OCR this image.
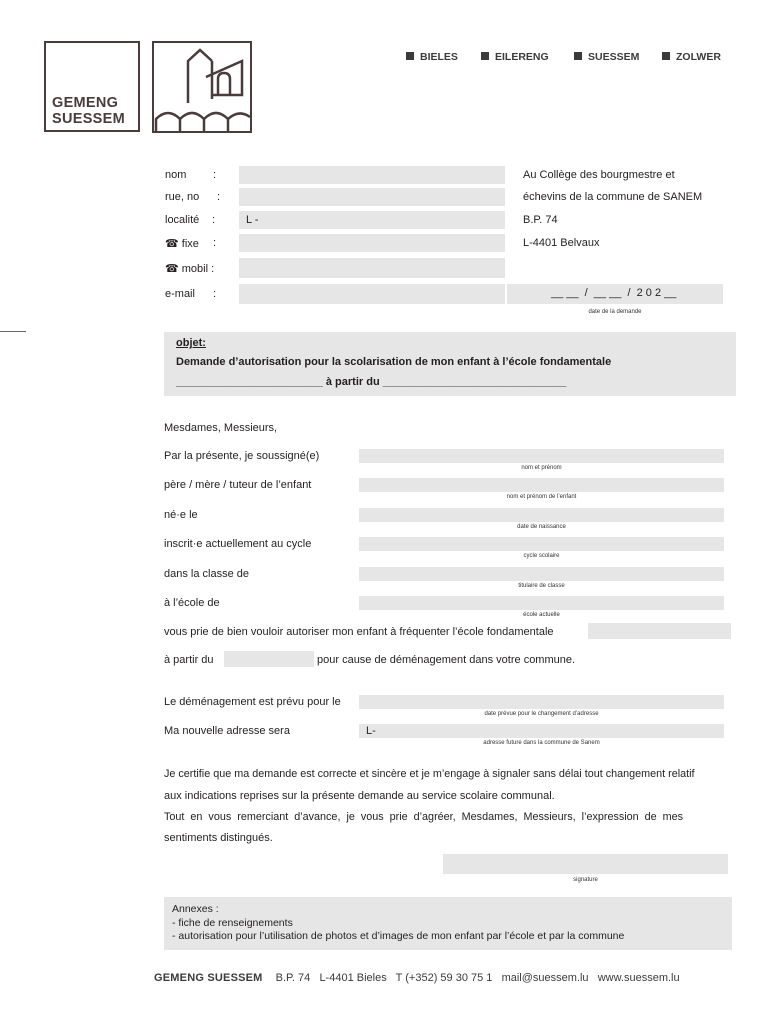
GEMENG
SUESSEM
BIELES	EILERENG	SUESSEM	ZOLWER
nom :
rue, no :
localité :	L -
☎ fixe :
☎ mobil :
e-mail :
Au Collège des bourgmestre et
échevins de la commune de SANEM
B.P. 74
L-4401 Belvaux
__ __  /  __ __  /  2 0 2 __
date de la demande
objet:
Demande d’autorisation pour la scolarisation de mon enfant à l’école fondamentale
________________________ à partir du ______________________________
Mesdames, Messieurs,
Par la présente, je soussigné(e)
nom et prénom
père / mère / tuteur de l’enfant
nom et prénom de l’enfant
né·e le
date de naissance
inscrit·e actuellement au cycle
cycle scolaire
dans la classe de
titulaire de classe
à l’école de
école actuelle
vous prie de bien vouloir autoriser mon enfant à fréquenter l’école fondamentale
à partir du	pour cause de déménagement dans votre commune.
Le déménagement est prévu pour le
date prévue pour le changement d’adresse
Ma nouvelle adresse sera	L-
adresse future dans la commune de Sanem
Je certifie que ma demande est correcte et sincère et je m’engage à signaler sans délai tout changement relatif
aux indications reprises sur la présente demande au service scolaire communal.
Tout  en  vous  remerciant  d’avance,  je  vous  prie  d’agréer,  Mesdames,  Messieurs,  l’expression  de  mes
sentiments distingués.
signature
Annexes :
- fiche de renseignements
- autorisation pour l’utilisation de photos et d’images de mon enfant par l’école et par la commune
GEMENG SUESSEM B.P. 74   L-4401 Bieles   T (+352) 59 30 75 1   mail@suessem.lu   www.suessem.lu
